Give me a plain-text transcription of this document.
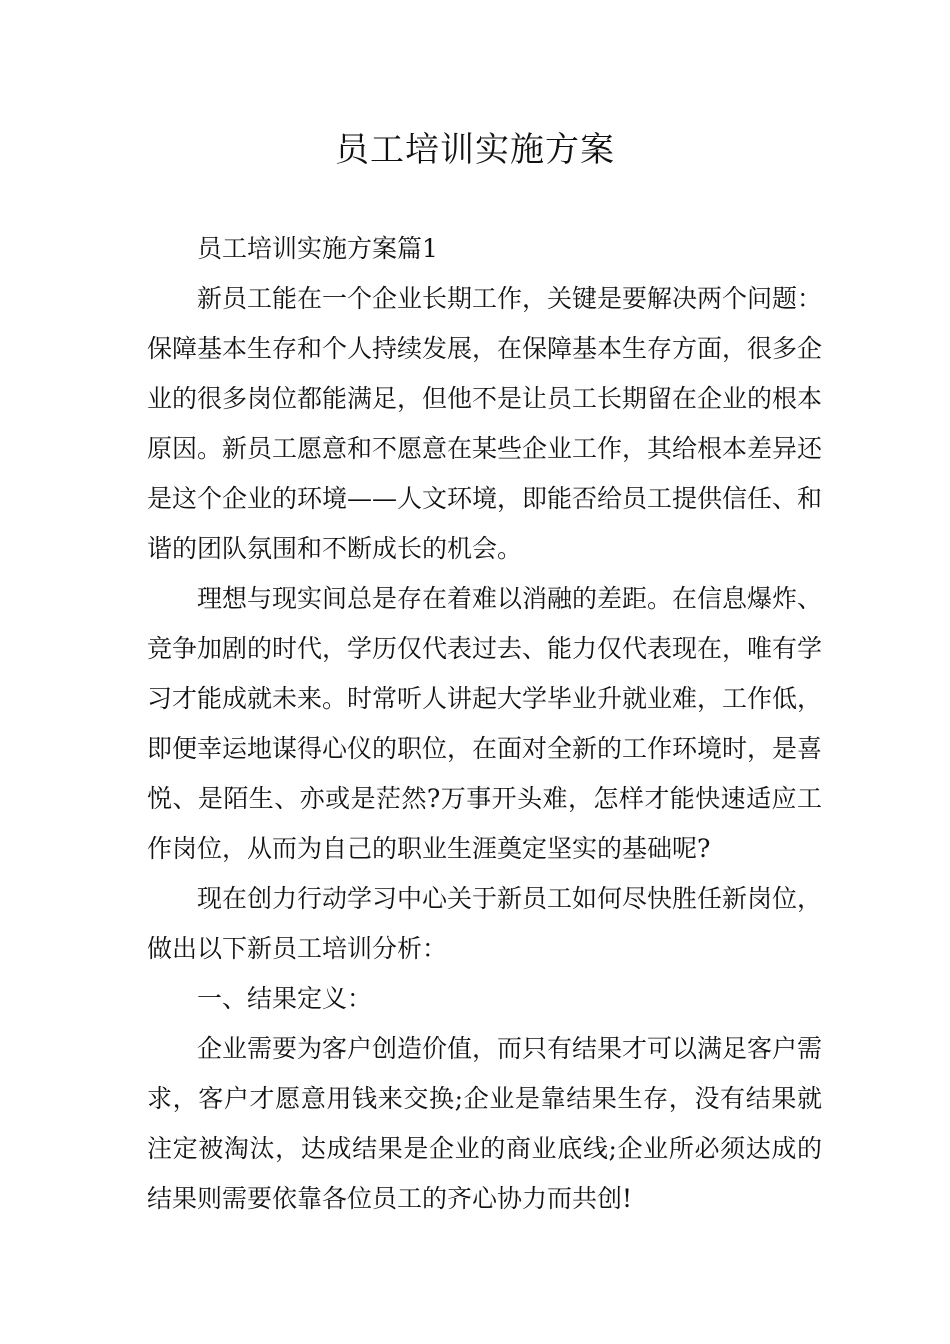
员工培训实施方案

员工培训实施方案篇1

新员工能在一个企业长期工作，关键是要解决两个问题：保障基本生存和个人持续发展，在保障基本生存方面，很多企业的很多岗位都能满足，但他不是让员工长期留在企业的根本原因。新员工愿意和不愿意在某些企业工作，其给根本差异还是这个企业的环境——人文环境，即能否给员工提供信任、和谐的团队氛围和不断成长的机会。

理想与现实间总是存在着难以消融的差距。在信息爆炸、竞争加剧的时代，学历仅代表过去、能力仅代表现在，唯有学习才能成就未来。时常听人讲起大学毕业升就业难，工作低，即便幸运地谋得心仪的职位，在面对全新的工作环境时，是喜悦、是陌生、亦或是茫然?万事开头难，怎样才能快速适应工作岗位，从而为自己的职业生涯奠定坚实的基础呢?

现在创力行动学习中心关于新员工如何尽快胜任新岗位，做出以下新员工培训分析：

一、结果定义：

企业需要为客户创造价值，而只有结果才可以满足客户需求，客户才愿意用钱来交换;企业是靠结果生存，没有结果就注定被淘汰，达成结果是企业的商业底线;企业所必须达成的结果则需要依靠各位员工的齐心协力而共创!
